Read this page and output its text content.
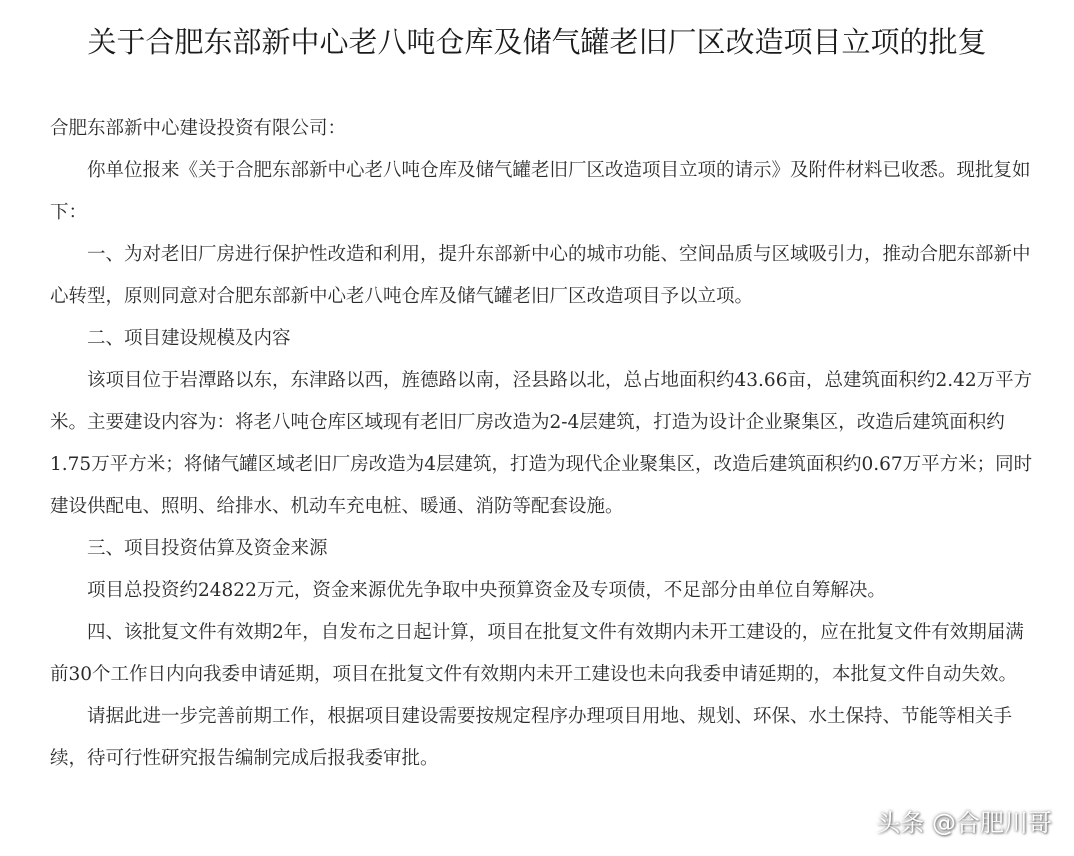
关于合肥东部新中心老八吨仓库及储气罐老旧厂区改造项目立项的批复

合肥东部新中心建设投资有限公司：

你单位报来《关于合肥东部新中心老八吨仓库及储气罐老旧厂区改造项目立项的请示》及附件材料已收悉。现批复如下：

一、为对老旧厂房进行保护性改造和利用，提升东部新中心的城市功能、空间品质与区域吸引力，推动合肥东部新中心转型，原则同意对合肥东部新中心老八吨仓库及储气罐老旧厂区改造项目予以立项。

二、项目建设规模及内容

该项目位于岩潭路以东，东津路以西，旌德路以南，泾县路以北，总占地面积约43.66亩，总建筑面积约2.42万平方米。主要建设内容为：将老八吨仓库区域现有老旧厂房改造为2-4层建筑，打造为设计企业聚集区，改造后建筑面积约1.75万平方米；将储气罐区域老旧厂房改造为4层建筑，打造为现代企业聚集区，改造后建筑面积约0.67万平方米；同时建设供配电、照明、给排水、机动车充电桩、暖通、消防等配套设施。

三、项目投资估算及资金来源

项目总投资约24822万元，资金来源优先争取中央预算资金及专项债，不足部分由单位自筹解决。

四、该批复文件有效期2年，自发布之日起计算，项目在批复文件有效期内未开工建设的，应在批复文件有效期届满前30个工作日内向我委申请延期，项目在批复文件有效期内未开工建设也未向我委申请延期的，本批复文件自动失效。

请据此进一步完善前期工作，根据项目建设需要按规定程序办理项目用地、规划、环保、水土保持、节能等相关手续，待可行性研究报告编制完成后报我委审批。

头条 @合肥川哥
